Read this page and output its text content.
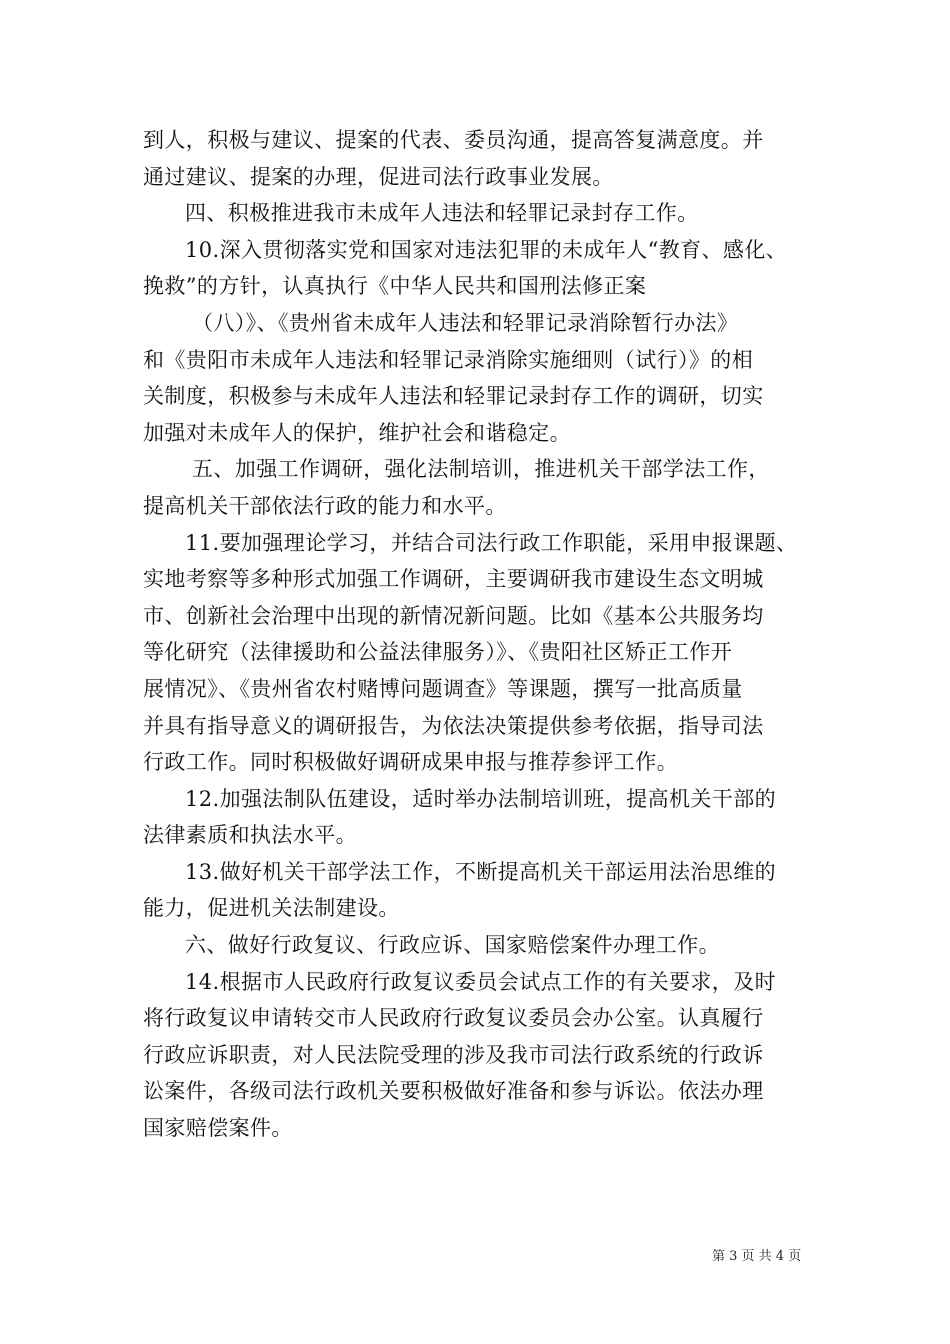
到人，积极与建议、提案的代表、委员沟通，提高答复满意度。并
通过建议、提案的办理，促进司法行政事业发展。
四、积极推进我市未成年人违法和轻罪记录封存工作。
10.深入贯彻落实党和国家对违法犯罪的未成年人“教育、感化、
挽救”的方针，认真执行《中华人民共和国刑法修正案
（八）》、《贵州省未成年人违法和轻罪记录消除暂行办法》
和《贵阳市未成年人违法和轻罪记录消除实施细则（试行）》的相
关制度，积极参与未成年人违法和轻罪记录封存工作的调研，切实
加强对未成年人的保护，维护社会和谐稳定。
五、加强工作调研，强化法制培训，推进机关干部学法工作，
提高机关干部依法行政的能力和水平。
11.要加强理论学习，并结合司法行政工作职能，采用申报课题、
实地考察等多种形式加强工作调研，主要调研我市建设生态文明城
市、创新社会治理中出现的新情况新问题。比如《基本公共服务均
等化研究（法律援助和公益法律服务）》、《贵阳社区矫正工作开
展情况》、《贵州省农村赌博问题调查》等课题，撰写一批高质量
并具有指导意义的调研报告，为依法决策提供参考依据，指导司法
行政工作。同时积极做好调研成果申报与推荐参评工作。
12.加强法制队伍建设，适时举办法制培训班，提高机关干部的
法律素质和执法水平。
13.做好机关干部学法工作，不断提高机关干部运用法治思维的
能力，促进机关法制建设。
六、做好行政复议、行政应诉、国家赔偿案件办理工作。
14.根据市人民政府行政复议委员会试点工作的有关要求，及时
将行政复议申请转交市人民政府行政复议委员会办公室。认真履行
行政应诉职责，对人民法院受理的涉及我市司法行政系统的行政诉
讼案件，各级司法行政机关要积极做好准备和参与诉讼。依法办理
国家赔偿案件。
第 3 页 共 4 页
